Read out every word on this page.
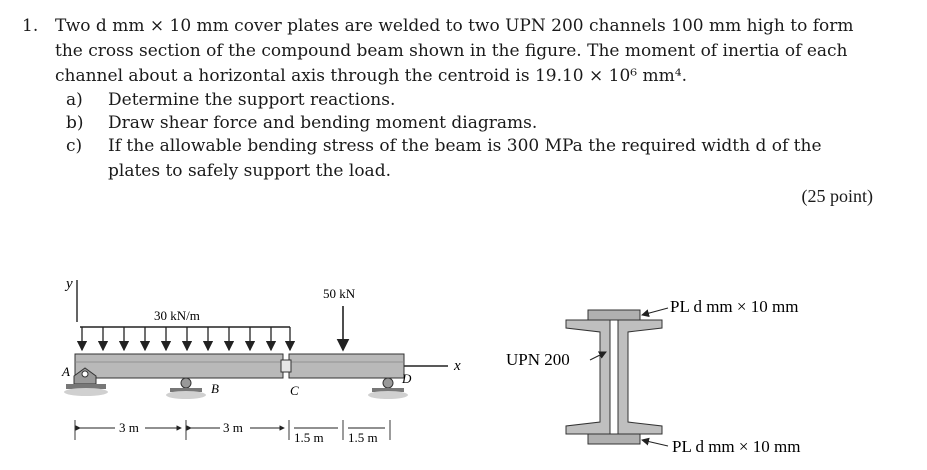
1. Two d mm × 10 mm cover plates are welded to two UPN 200 channels 100 mm high to form
the cross section of the compound beam shown in the figure. The moment of inertia of each
channel about a horizontal axis through the centroid is 19.10 × 10⁶ mm⁴.
a) Determine the support reactions.
b) Draw shear force and bending moment diagrams.
c) If the allowable bending stress of the beam is 300 MPa the required width d of the
plates to safely support the load.
(25 point)
y
x
30 kN/m
50 kN
A
B	C
D
3 m	3 m
1.5 m 1.5 m
PL d mm × 10 mm
PL d mm × 10 mm
UPN 200
